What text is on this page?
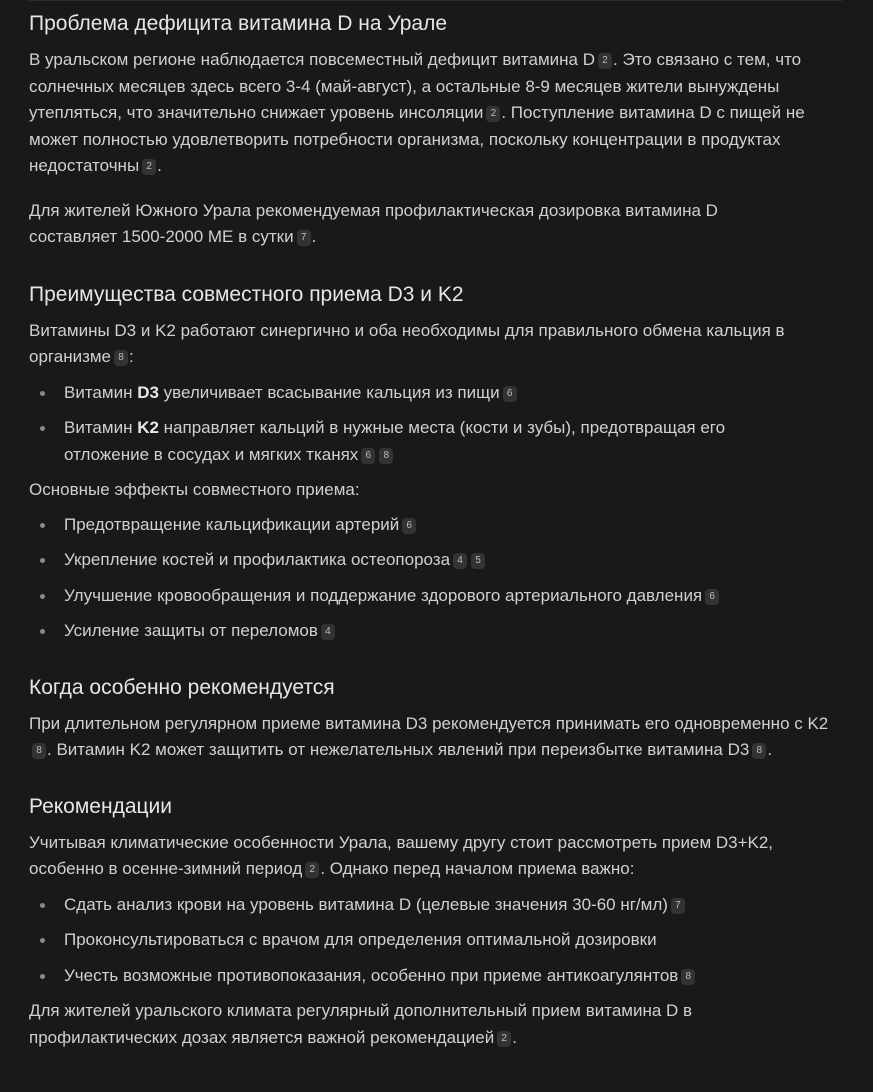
Проблема дефицита витамина D на Урале

В уральском регионе наблюдается повсеместный дефицит витамина D 2 . Это связано с тем, что солнечных месяцев здесь всего 3-4 (май-август), а остальные 8-9 месяцев жители вынуждены утепляться, что значительно снижает уровень инсоляции 2 . Поступление витамина D с пищей не может полностью удовлетворить потребности организма, поскольку концентрации в продуктах недостаточны 2 .

Для жителей Южного Урала рекомендуемая профилактическая дозировка витамина D составляет 1500-2000 МЕ в сутки 7 .

Преимущества совместного приема D3 и K2

Витамины D3 и K2 работают синергично и оба необходимы для правильного обмена кальция в организме 8 :

Витамин D3 увеличивает всасывание кальция из пищи 6
Витамин K2 направляет кальций в нужные места (кости и зубы), предотвращая его отложение в сосудах и мягких тканях 6 8

Основные эффекты совместного приема:

Предотвращение кальцификации артерий 6
Укрепление костей и профилактика остеопороза 4 5
Улучшение кровообращения и поддержание здорового артериального давления 6
Усиление защиты от переломов 4
Когда особенно рекомендуется

При длительном регулярном приеме витамина D3 рекомендуется принимать его одновременно с K28 . Витамин K2 может защитить от нежелательных явлений при переизбытке витамина D3 8 .

Рекомендации

Учитывая климатические особенности Урала, вашему другу стоит рассмотреть прием D3+K2, особенно в осенне-зимний период 2 . Однако перед началом приема важно:

Сдать анализ крови на уровень витамина D (целевые значения 30-60 нг/мл) 7
Проконсультироваться с врачом для определения оптимальной дозировки
Учесть возможные противопоказания, особенно при приеме антикоагулянтов 8

Для жителей уральского климата регулярный дополнительный прием витамина D в профилактических дозах является важной рекомендацией 2 .
